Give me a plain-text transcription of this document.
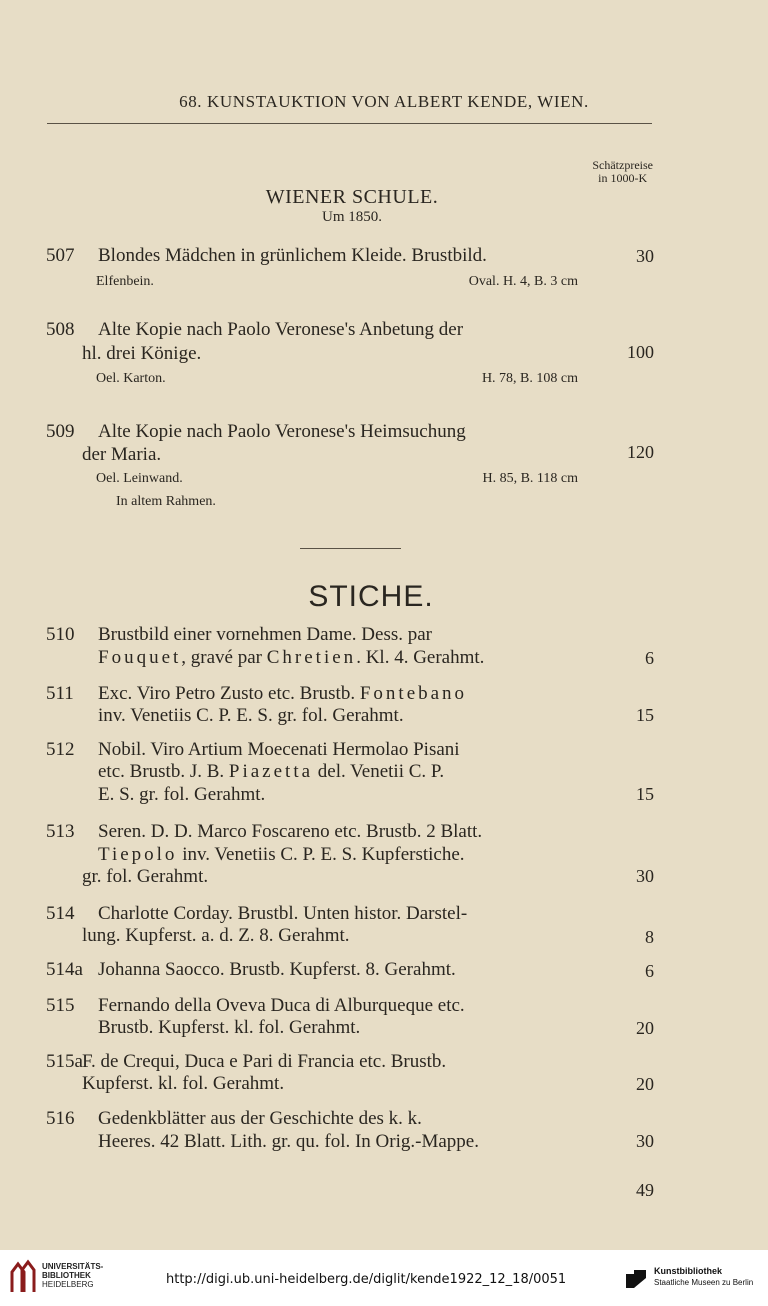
68. KUNSTAUKTION VON ALBERT KENDE, WIEN.
Schätzpreise
in 1000-K
WIENER SCHULE.
Um 1850.
507 Blondes Mädchen in grünlichem Kleide. Brustbild.	30
Elfenbein.	Oval. H. 4, B. 3 cm
508 Alte Kopie nach Paolo Veronese's Anbetung der
hl. drei Könige.	100
Oel. Karton.	H. 78, B. 108 cm
509 Alte Kopie nach Paolo Veronese's Heimsuchung
der Maria.	120
Oel. Leinwand.	H. 85, B. 118 cm
In altem Rahmen.
STICHE.
510 Brustbild einer vornehmen Dame. Dess. par
Fouquet, gravé par Chretien. Kl. 4. Gerahmt.	6
511 Exc. Viro Petro Zusto etc. Brustb. Fontebano
inv. Venetiis C. P. E. S. gr. fol. Gerahmt.	15
512 Nobil. Viro Artium Moecenati Hermolao Pisani
etc. Brustb. J. B. Piazetta del. Venetii C. P.
E. S. gr. fol. Gerahmt.	15
513 Seren. D. D. Marco Foscareno etc. Brustb. 2 Blatt.
Tiepolo inv. Venetiis C. P. E. S. Kupferstiche.
gr. fol. Gerahmt.	30
514 Charlotte Corday. Brustbl. Unten histor. Darstel-
lung. Kupferst. a. d. Z. 8. Gerahmt.	8
514a Johanna Saocco. Brustb. Kupferst. 8. Gerahmt.	6
515 Fernando della Oveva Duca di Alburqueque etc.
Brustb. Kupferst. kl. fol. Gerahmt.	20
515a F. de Crequi, Duca e Pari di Francia etc. Brustb.
Kupferst. kl. fol. Gerahmt.	20
516 Gedenkblätter aus der Geschichte des k. k.
Heeres. 42 Blatt. Lith. gr. qu. fol. In Orig.-Mappe.	30
49
UNIVERSITÄTS-
BIBLIOTHEK
HEIDELBERG	http://digi.ub.uni-heidelberg.de/diglit/kende1922_12_18/0051
Kunstbibliothek
Staatliche Museen zu Berlin
